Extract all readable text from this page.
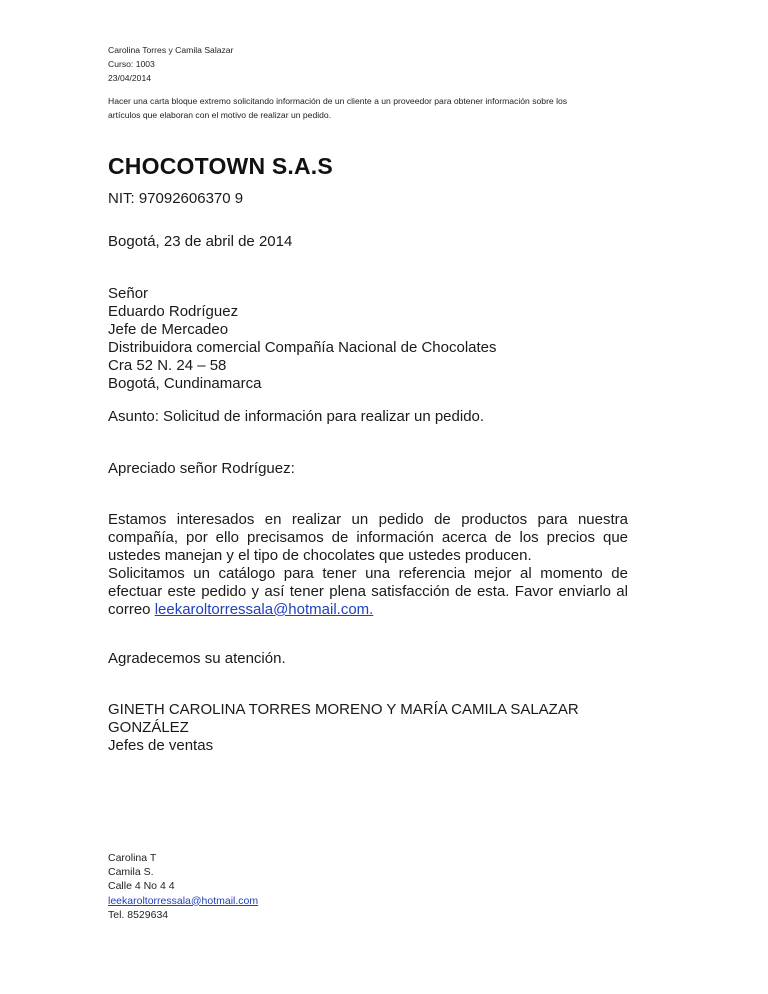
Carolina Torres y Camila Salazar
Curso: 1003
23/04/2014
Hacer una carta bloque extremo solicitando información de un cliente a un proveedor para obtener información sobre los
artículos que elaboran con el motivo de realizar un pedido.
CHOCOTOWN S.A.S
NIT: 97092606370 9
Bogotá, 23 de abril de 2014
Señor
Eduardo Rodríguez
Jefe de Mercadeo
Distribuidora comercial Compañía Nacional de Chocolates
Cra 52 N. 24 – 58
Bogotá, Cundinamarca
Asunto: Solicitud de información para realizar un pedido.
Apreciado señor Rodríguez:
Estamos interesados en realizar un pedido de productos para nuestra
compañía, por ello precisamos de información acerca de los precios que
ustedes manejan y el tipo de chocolates que ustedes producen.
Solicitamos un catálogo para tener una referencia mejor al momento de
efectuar este pedido y así tener plena satisfacción de esta. Favor enviarlo al
correo leekaroltorressala@hotmail.com.
Agradecemos su atención.
GINETH CAROLINA TORRES MORENO Y MARÍA CAMILA SALAZAR
GONZÁLEZ
Jefes de ventas
Carolina T
Camila S.
Calle 4 No 4 4
leekaroltorressala@hotmail.com
Tel. 8529634
